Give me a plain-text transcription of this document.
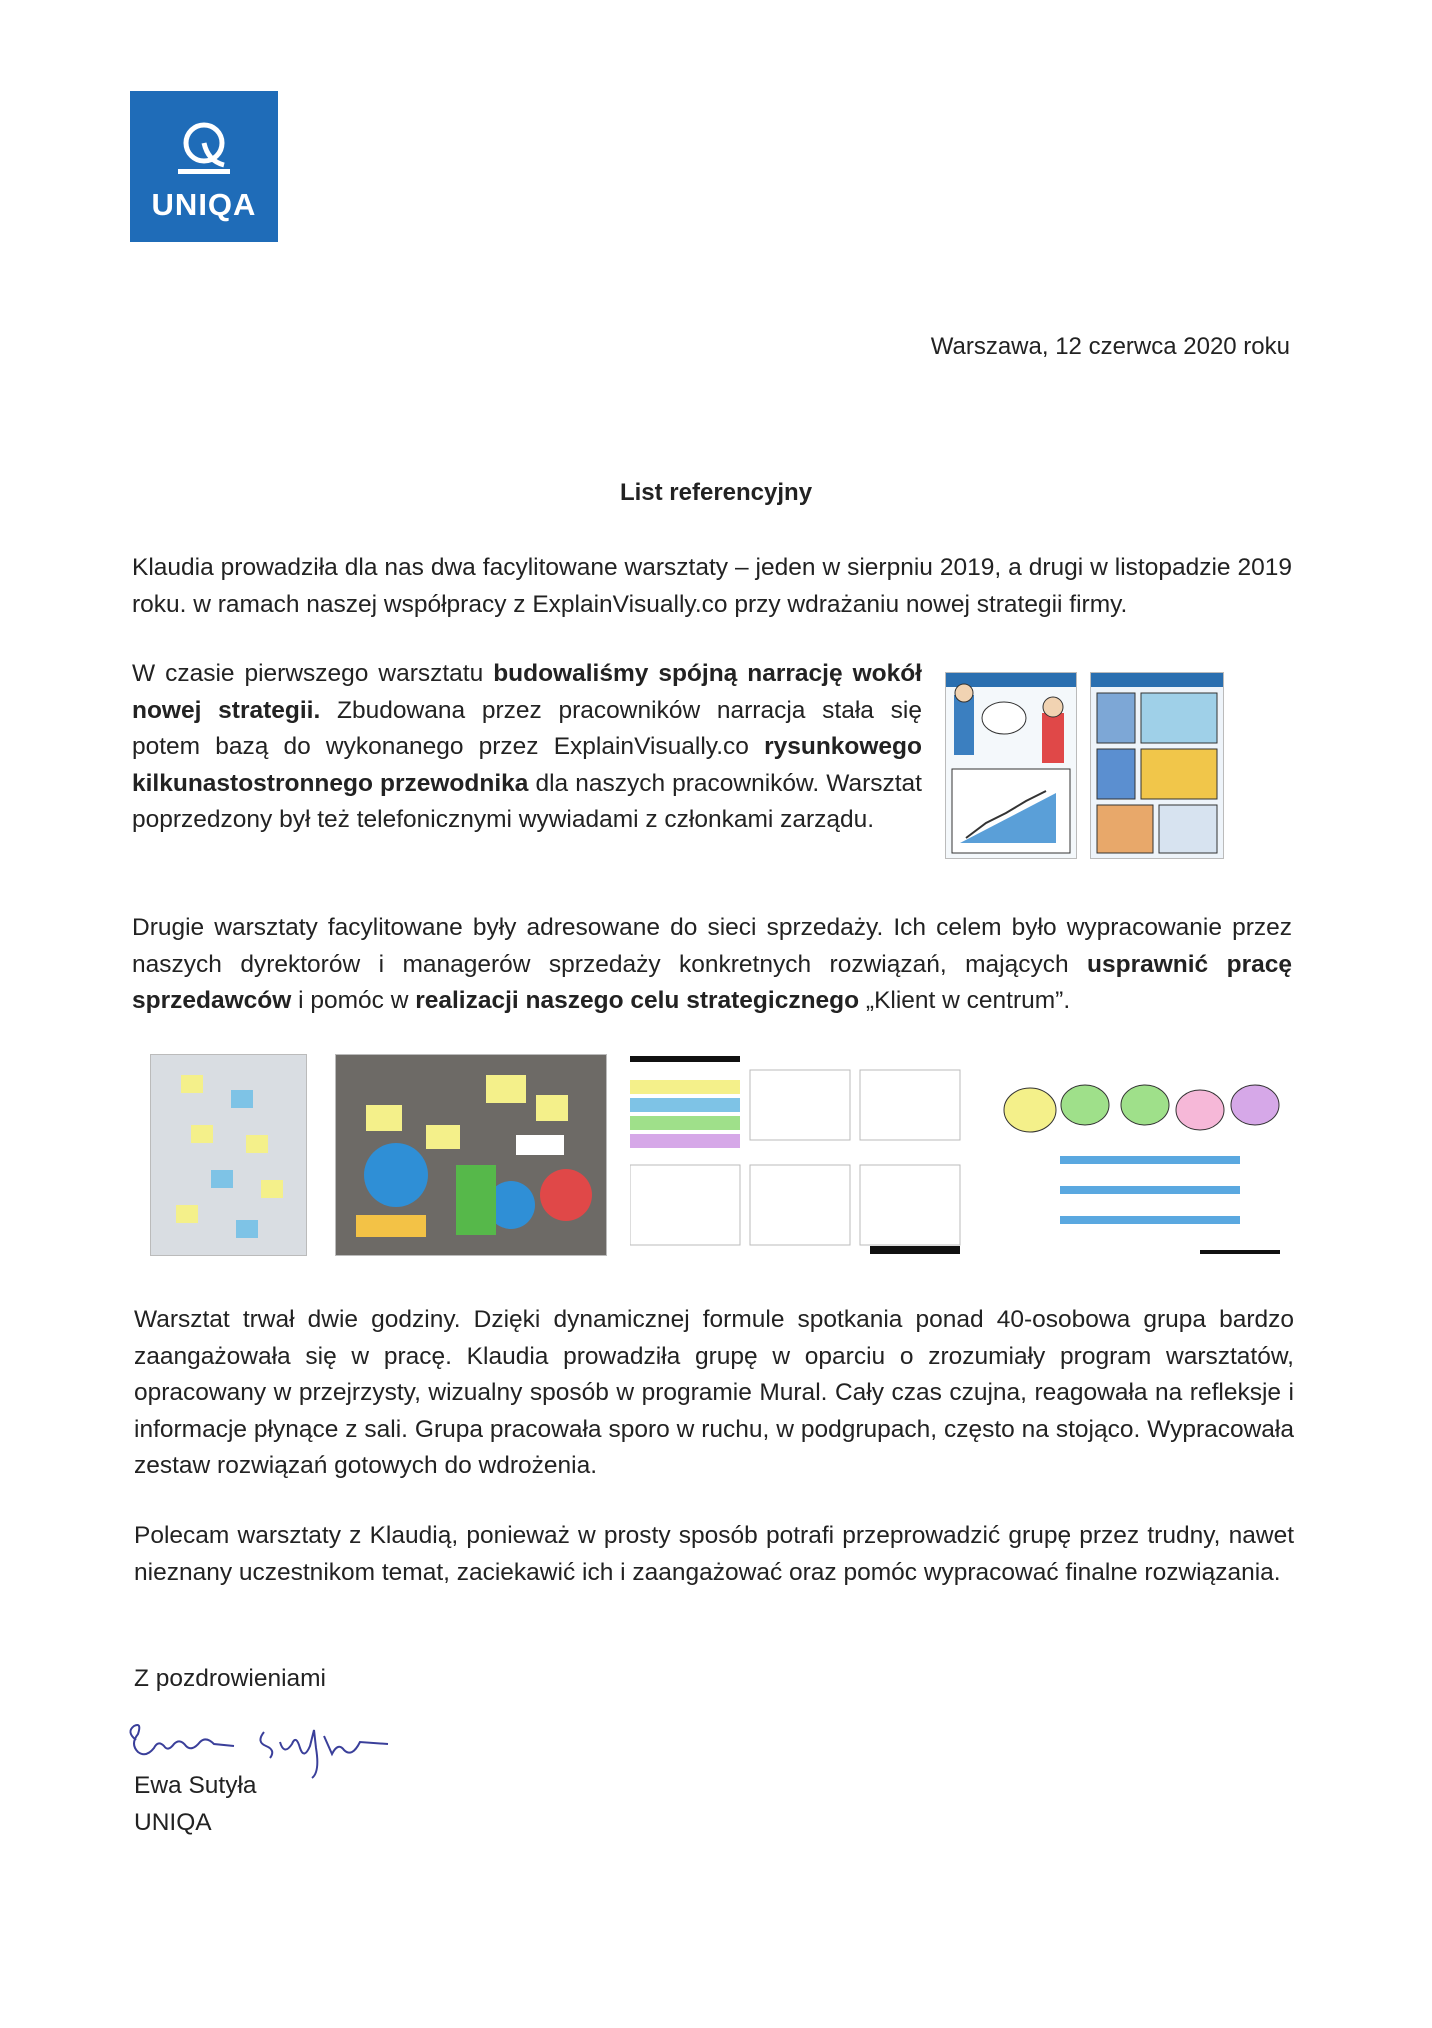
UNIQA
Warszawa, 12 czerwca 2020 roku
List referencyjny
Klaudia prowadziła dla nas dwa facylitowane warsztaty – jeden w sierpniu 2019, a drugi w listopadzie 2019 roku. w ramach naszej współpracy z ExplainVisually.co przy wdrażaniu nowej strategii firmy.
W czasie pierwszego warsztatu budowaliśmy spójną narrację wokół nowej strategii. Zbudowana przez pracowników narracja stała się potem bazą do wykonanego przez ExplainVisually.co rysunkowego kilkunastostronnego przewodnika dla naszych pracowników. Warsztat poprzedzony był też telefonicznymi wywiadami z członkami zarządu.
Drugie warsztaty facylitowane były adresowane do sieci sprzedaży. Ich celem było wypracowanie przez naszych dyrektorów i managerów sprzedaży konkretnych rozwiązań, mających usprawnić pracę sprzedawców i pomóc w realizacji naszego celu strategicznego „Klient w centrum”.
Warsztat trwał dwie godziny. Dzięki dynamicznej formule spotkania ponad 40-osobowa grupa bardzo zaangażowała się w pracę. Klaudia prowadziła grupę w oparciu o zrozumiały program warsztatów, opracowany w przejrzysty, wizualny sposób w programie Mural. Cały czas czujna, reagowała na refleksje i informacje płynące z sali. Grupa pracowała sporo w ruchu, w podgrupach, często na stojąco. Wypracowała zestaw rozwiązań gotowych do wdrożenia.
Polecam warsztaty z Klaudią, ponieważ w prosty sposób potrafi przeprowadzić grupę przez trudny, nawet nieznany uczestnikom temat, zaciekawić ich i zaangażować oraz pomóc wypracować finalne rozwiązania.
Z pozdrowieniami
Ewa Sutyła
UNIQA
